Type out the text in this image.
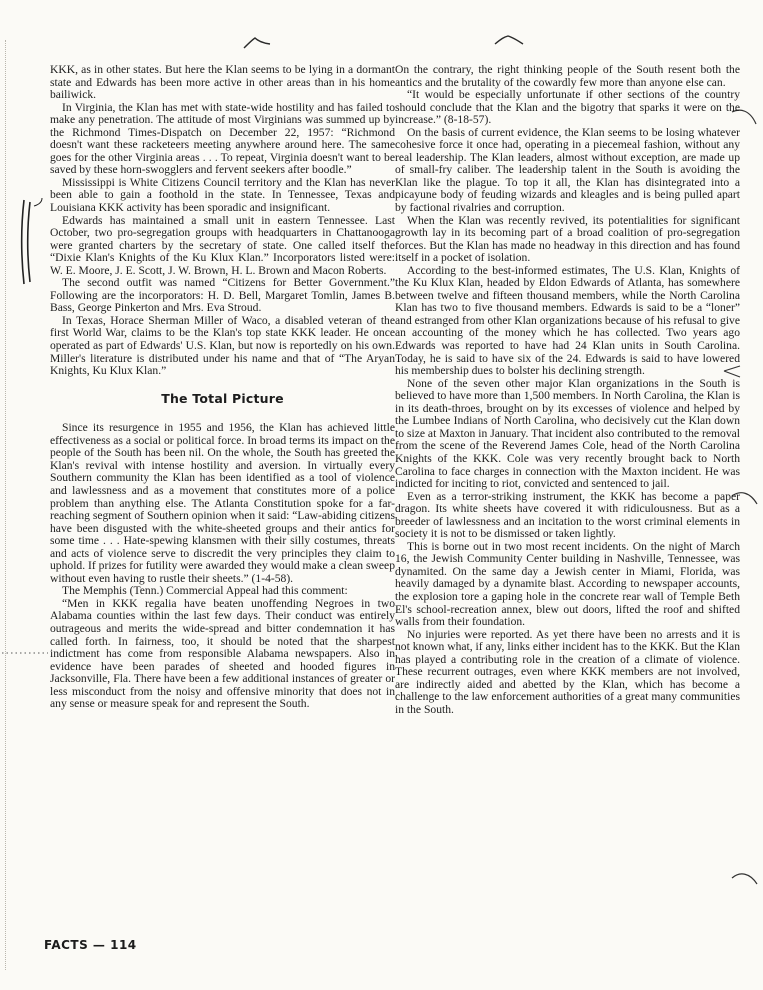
KKK, as in other states. But here the Klan seems to be lying in a dormant state and Edwards has been more active in other areas than in his home bailiwick.

In Virginia, the Klan has met with state-wide hostility and has failed to make any penetration. The attitude of most Virginians was summed up by the Richmond Times-Dispatch on December 22, 1957: “Richmond doesn't want these racketeers meeting anywhere around here. The same goes for the other Virginia areas . . . To repeat, Virginia doesn't want to be saved by these horn-swogglers and fervent seekers after boodle.”

Mississippi is White Citizens Council territory and the Klan has never been able to gain a foothold in the state. In Tennessee, Texas and Louisiana KKK activity has been sporadic and insignificant.

Edwards has maintained a small unit in eastern Tennessee. Last October, two pro-segregation groups with headquarters in Chattanooga were granted charters by the secretary of state. One called itself the “Dixie Klan's Knights of the Ku Klux Klan.” Incorporators listed were: W. E. Moore, J. E. Scott, J. W. Brown, H. L. Brown and Macon Roberts.

The second outfit was named “Citizens for Better Government.” Following are the incorporators: H. D. Bell, Margaret Tomlin, James B. Bass, George Pinkerton and Mrs. Eva Stroud.

In Texas, Horace Sherman Miller of Waco, a disabled veteran of the first World War, claims to be the Klan's top state KKK leader. He once operated as part of Edwards' U.S. Klan, but now is reportedly on his own. Miller's literature is distributed under his name and that of “The Aryan Knights, Ku Klux Klan.”

The Total Picture

Since its resurgence in 1955 and 1956, the Klan has achieved little effectiveness as a social or political force. In broad terms its impact on the people of the South has been nil. On the whole, the South has greeted the Klan's revival with intense hostility and aversion. In virtually every Southern community the Klan has been identified as a tool of violence and lawlessness and as a movement that constitutes more of a police problem than anything else. The Atlanta Constitution spoke for a far-reaching segment of Southern opinion when it said: “Law-abiding citizens have been disgusted with the white-sheeted groups and their antics for some time . . . Hate-spewing klansmen with their silly costumes, threats and acts of violence serve to discredit the very principles they claim to uphold. If prizes for futility were awarded they would make a clean sweep without even having to rustle their sheets.” (1-4-58).

The Memphis (Tenn.) Commercial Appeal had this comment:

“Men in KKK regalia have beaten unoffending Negroes in two Alabama counties within the last few days. Their conduct was entirely outrageous and merits the wide-spread and bitter condemnation it has called forth. In fairness, too, it should be noted that the sharpest indictment has come from responsible Alabama newspapers. Also in evidence have been parades of sheeted and hooded figures in Jacksonville, Fla. There have been a few additional instances of greater or less misconduct from the noisy and offensive minority that does not in any sense or measure speak for and represent the South.

On the contrary, the right thinking people of the South resent both the antics and the brutality of the cowardly few more than anyone else can.

“It would be especially unfortunate if other sections of the country should conclude that the Klan and the bigotry that sparks it were on the increase.” (8-18-57).

On the basis of current evidence, the Klan seems to be losing whatever cohesive force it once had, operating in a piecemeal fashion, without any real leadership. The Klan leaders, almost without exception, are made up of small-fry caliber. The leadership talent in the South is avoiding the Klan like the plague. To top it all, the Klan has disintegrated into a picayune body of feuding wizards and kleagles and is being pulled apart by factional rivalries and corruption.

When the Klan was recently revived, its potentialities for significant growth lay in its becoming part of a broad coalition of pro-segregation forces. But the Klan has made no headway in this direction and has found itself in a pocket of isolation.

According to the best-informed estimates, The U.S. Klan, Knights of the Ku Klux Klan, headed by Eldon Edwards of Atlanta, has somewhere between twelve and fifteen thousand members, while the North Carolina Klan has two to five thousand members. Edwards is said to be a “loner” and estranged from other Klan organizations because of his refusal to give an accounting of the money which he has collected. Two years ago Edwards was reported to have had 24 Klan units in South Carolina. Today, he is said to have six of the 24. Edwards is said to have lowered his membership dues to bolster his declining strength.

None of the seven other major Klan organizations in the South is believed to have more than 1,500 members. In North Carolina, the Klan is in its death-throes, brought on by its excesses of violence and helped by the Lumbee Indians of North Carolina, who decisively cut the Klan down to size at Maxton in January. That incident also contributed to the removal from the scene of the Reverend James Cole, head of the North Carolina Knights of the KKK. Cole was very recently brought back to North Carolina to face charges in connection with the Maxton incident. He was indicted for inciting to riot, convicted and sentenced to jail.

Even as a terror-striking instrument, the KKK has become a paper dragon. Its white sheets have covered it with ridiculousness. But as a breeder of lawlessness and an incitation to the worst criminal elements in society it is not to be dismissed or taken lightly.

This is borne out in two most recent incidents. On the night of March 16, the Jewish Community Center building in Nashville, Tennessee, was dynamited. On the same day a Jewish center in Miami, Florida, was heavily damaged by a dynamite blast. According to newspaper accounts, the explosion tore a gaping hole in the concrete rear wall of Temple Beth El's school-recreation annex, blew out doors, lifted the roof and shifted walls from their foundation.

No injuries were reported. As yet there have been no arrests and it is not known what, if any, links either incident has to the KKK. But the Klan has played a contributing role in the creation of a climate of violence. These recurrent outrages, even where KKK members are not involved, are indirectly aided and abetted by the Klan, which has become a challenge to the law enforcement authorities of a great many communities in the South.

FACTS — 114
